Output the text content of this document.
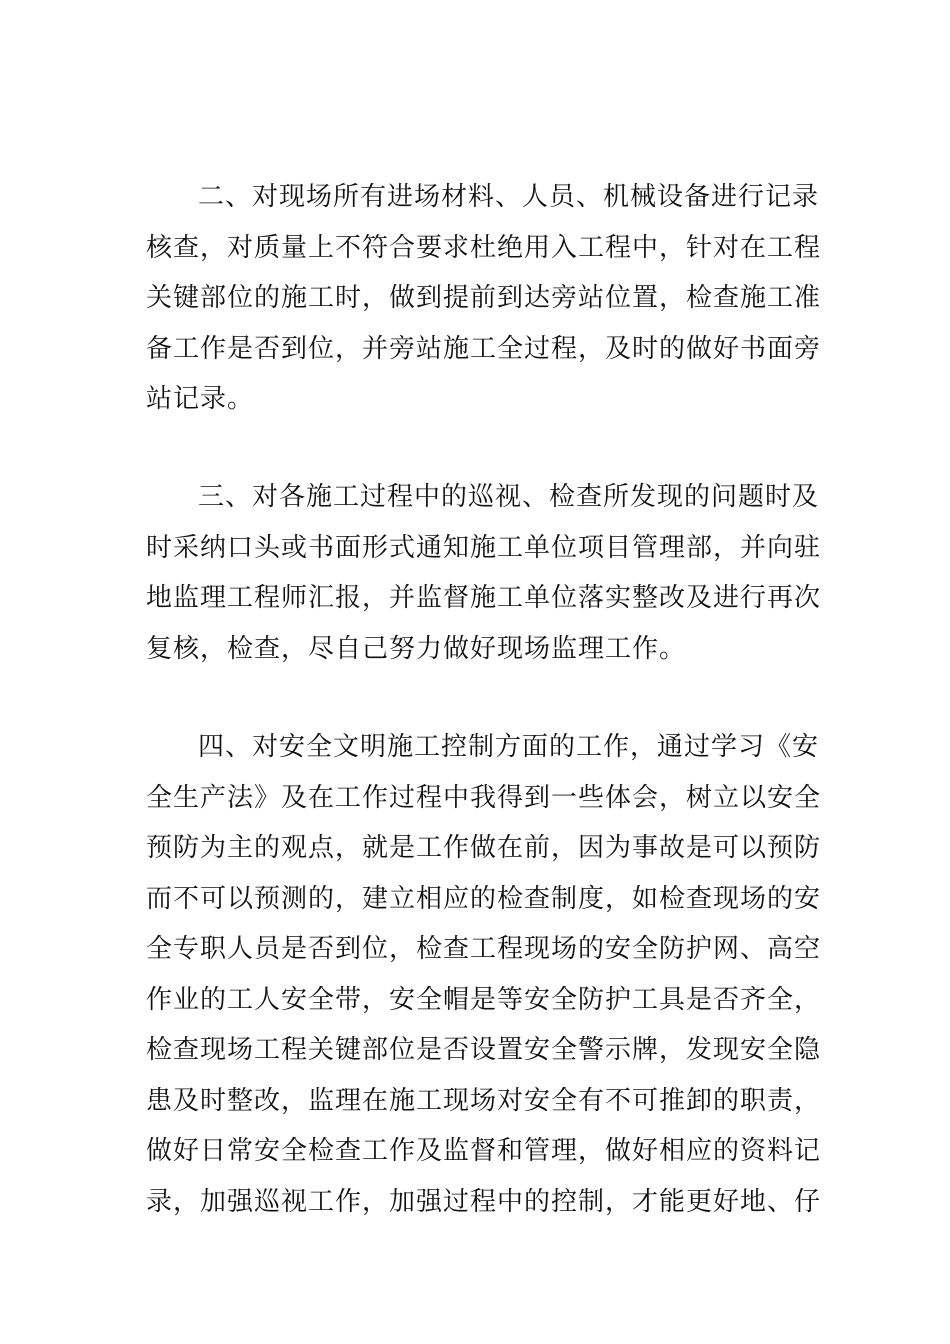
二、对现场所有进场材料、人员、机械设备进行记录
核查，对质量上不符合要求杜绝用入工程中，针对在工程
关键部位的施工时，做到提前到达旁站位置，检查施工准
备工作是否到位，并旁站施工全过程，及时的做好书面旁
站记录。
三、对各施工过程中的巡视、检查所发现的问题时及
时采纳口头或书面形式通知施工单位项目管理部，并向驻
地监理工程师汇报，并监督施工单位落实整改及进行再次
复核，检查，尽自己努力做好现场监理工作。
四、对安全文明施工控制方面的工作，通过学习《安
全生产法》及在工作过程中我得到一些体会，树立以安全
预防为主的观点，就是工作做在前，因为事故是可以预防
而不可以预测的，建立相应的检查制度，如检查现场的安
全专职人员是否到位，检查工程现场的安全防护网、高空
作业的工人安全带，安全帽是等安全防护工具是否齐全，
检查现场工程关键部位是否设置安全警示牌，发现安全隐
患及时整改，监理在施工现场对安全有不可推卸的职责，
做好日常安全检查工作及监督和管理，做好相应的资料记
录，加强巡视工作，加强过程中的控制，才能更好地、仔
